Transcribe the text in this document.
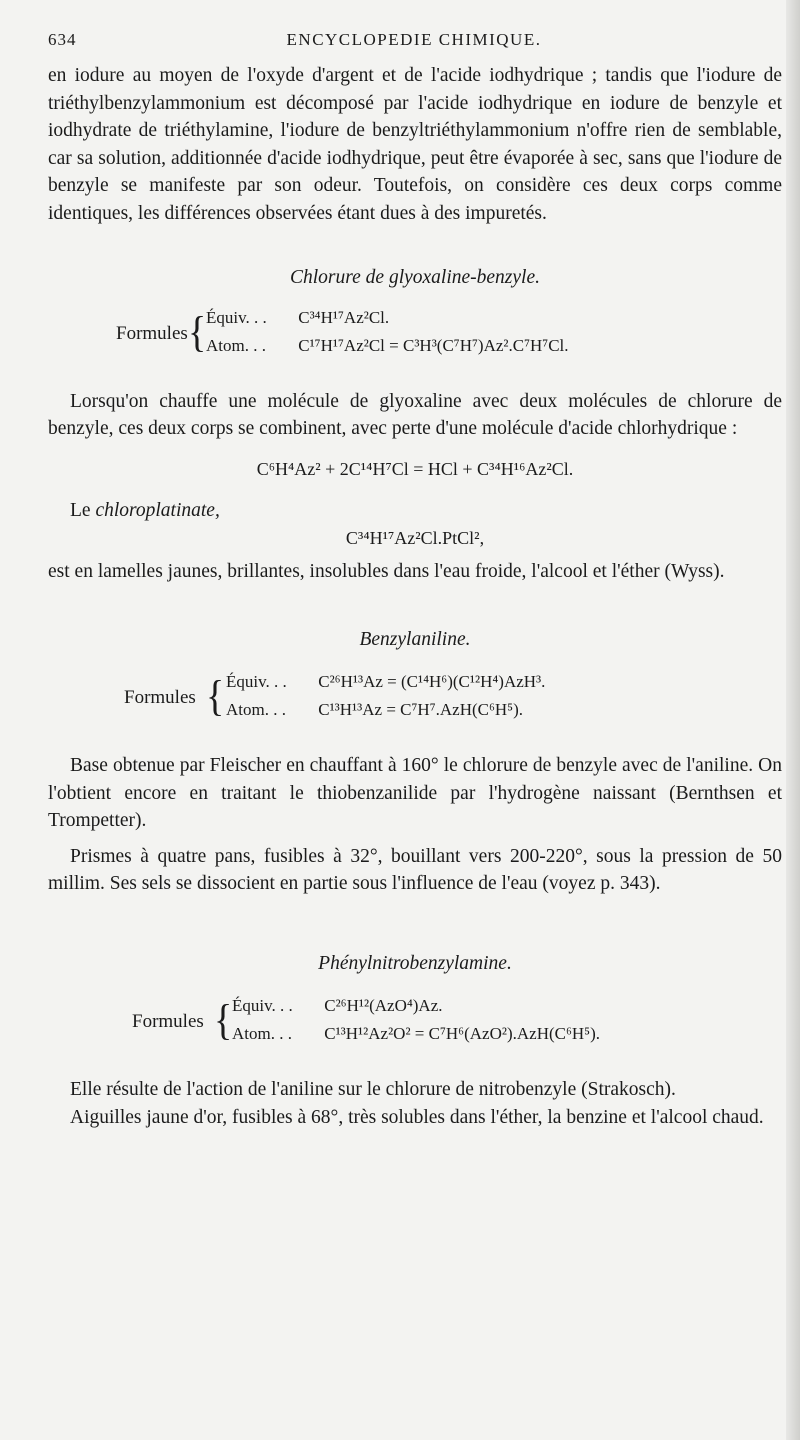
634	ENCYCLOPEDIE CHIMIQUE.

en iodure au moyen de l'oxyde d'argent et de l'acide iodhydrique ; tandis que l'iodure de triéthylbenzylammonium est décomposé par l'acide iodhydrique en iodure de benzyle et iodhydrate de triéthylamine, l'iodure de benzyltriéthylammonium n'offre rien de semblable, car sa solution, additionnée d'acide iodhydrique, peut être évaporée à sec, sans que l'iodure de benzyle se manifeste par son odeur. Toutefois, on considère ces deux corps comme identiques, les différences observées étant dues à des impuretés.

Chlorure de glyoxaline-benzyle.
Formules { Équiv. . . C³⁴H¹⁷Az²Cl.
Atom. . . C¹⁷H¹⁷Az²Cl = C³H³(C⁷H⁷)Az².C⁷H⁷Cl.

Lorsqu'on chauffe une molécule de glyoxaline avec deux molécules de chlorure de benzyle, ces deux corps se combinent, avec perte d'une molécule d'acide chlorhydrique :

C⁶H⁴Az² + 2C¹⁴H⁷Cl = HCl + C³⁴H¹⁶Az²Cl.

Le chloroplatinate,

C³⁴H¹⁷Az²Cl.PtCl²,

est en lamelles jaunes, brillantes, insolubles dans l'eau froide, l'alcool et l'éther (Wyss).

Benzylaniline.
Formules { Équiv. . . C²⁶H¹³Az = (C¹⁴H⁶)(C¹²H⁴)AzH³.
Atom. . . C¹³H¹³Az = C⁷H⁷.AzH(C⁶H⁵).

Base obtenue par Fleischer en chauffant à 160° le chlorure de benzyle avec de l'aniline. On l'obtient encore en traitant le thiobenzanilide par l'hydrogène naissant (Bernthsen et Trompetter).

Prismes à quatre pans, fusibles à 32°, bouillant vers 200-220°, sous la pression de 50 millim. Ses sels se dissocient en partie sous l'influence de l'eau (voyez p. 343).

Phénylnitrobenzylamine.
Formules { Équiv. . . C²⁶H¹²(AzO⁴)Az.
Atom. . . C¹³H¹²Az²O² = C⁷H⁶(AzO²).AzH(C⁶H⁵).

Elle résulte de l'action de l'aniline sur le chlorure de nitrobenzyle (Strakosch).

Aiguilles jaune d'or, fusibles à 68°, très solubles dans l'éther, la benzine et l'alcool chaud.
